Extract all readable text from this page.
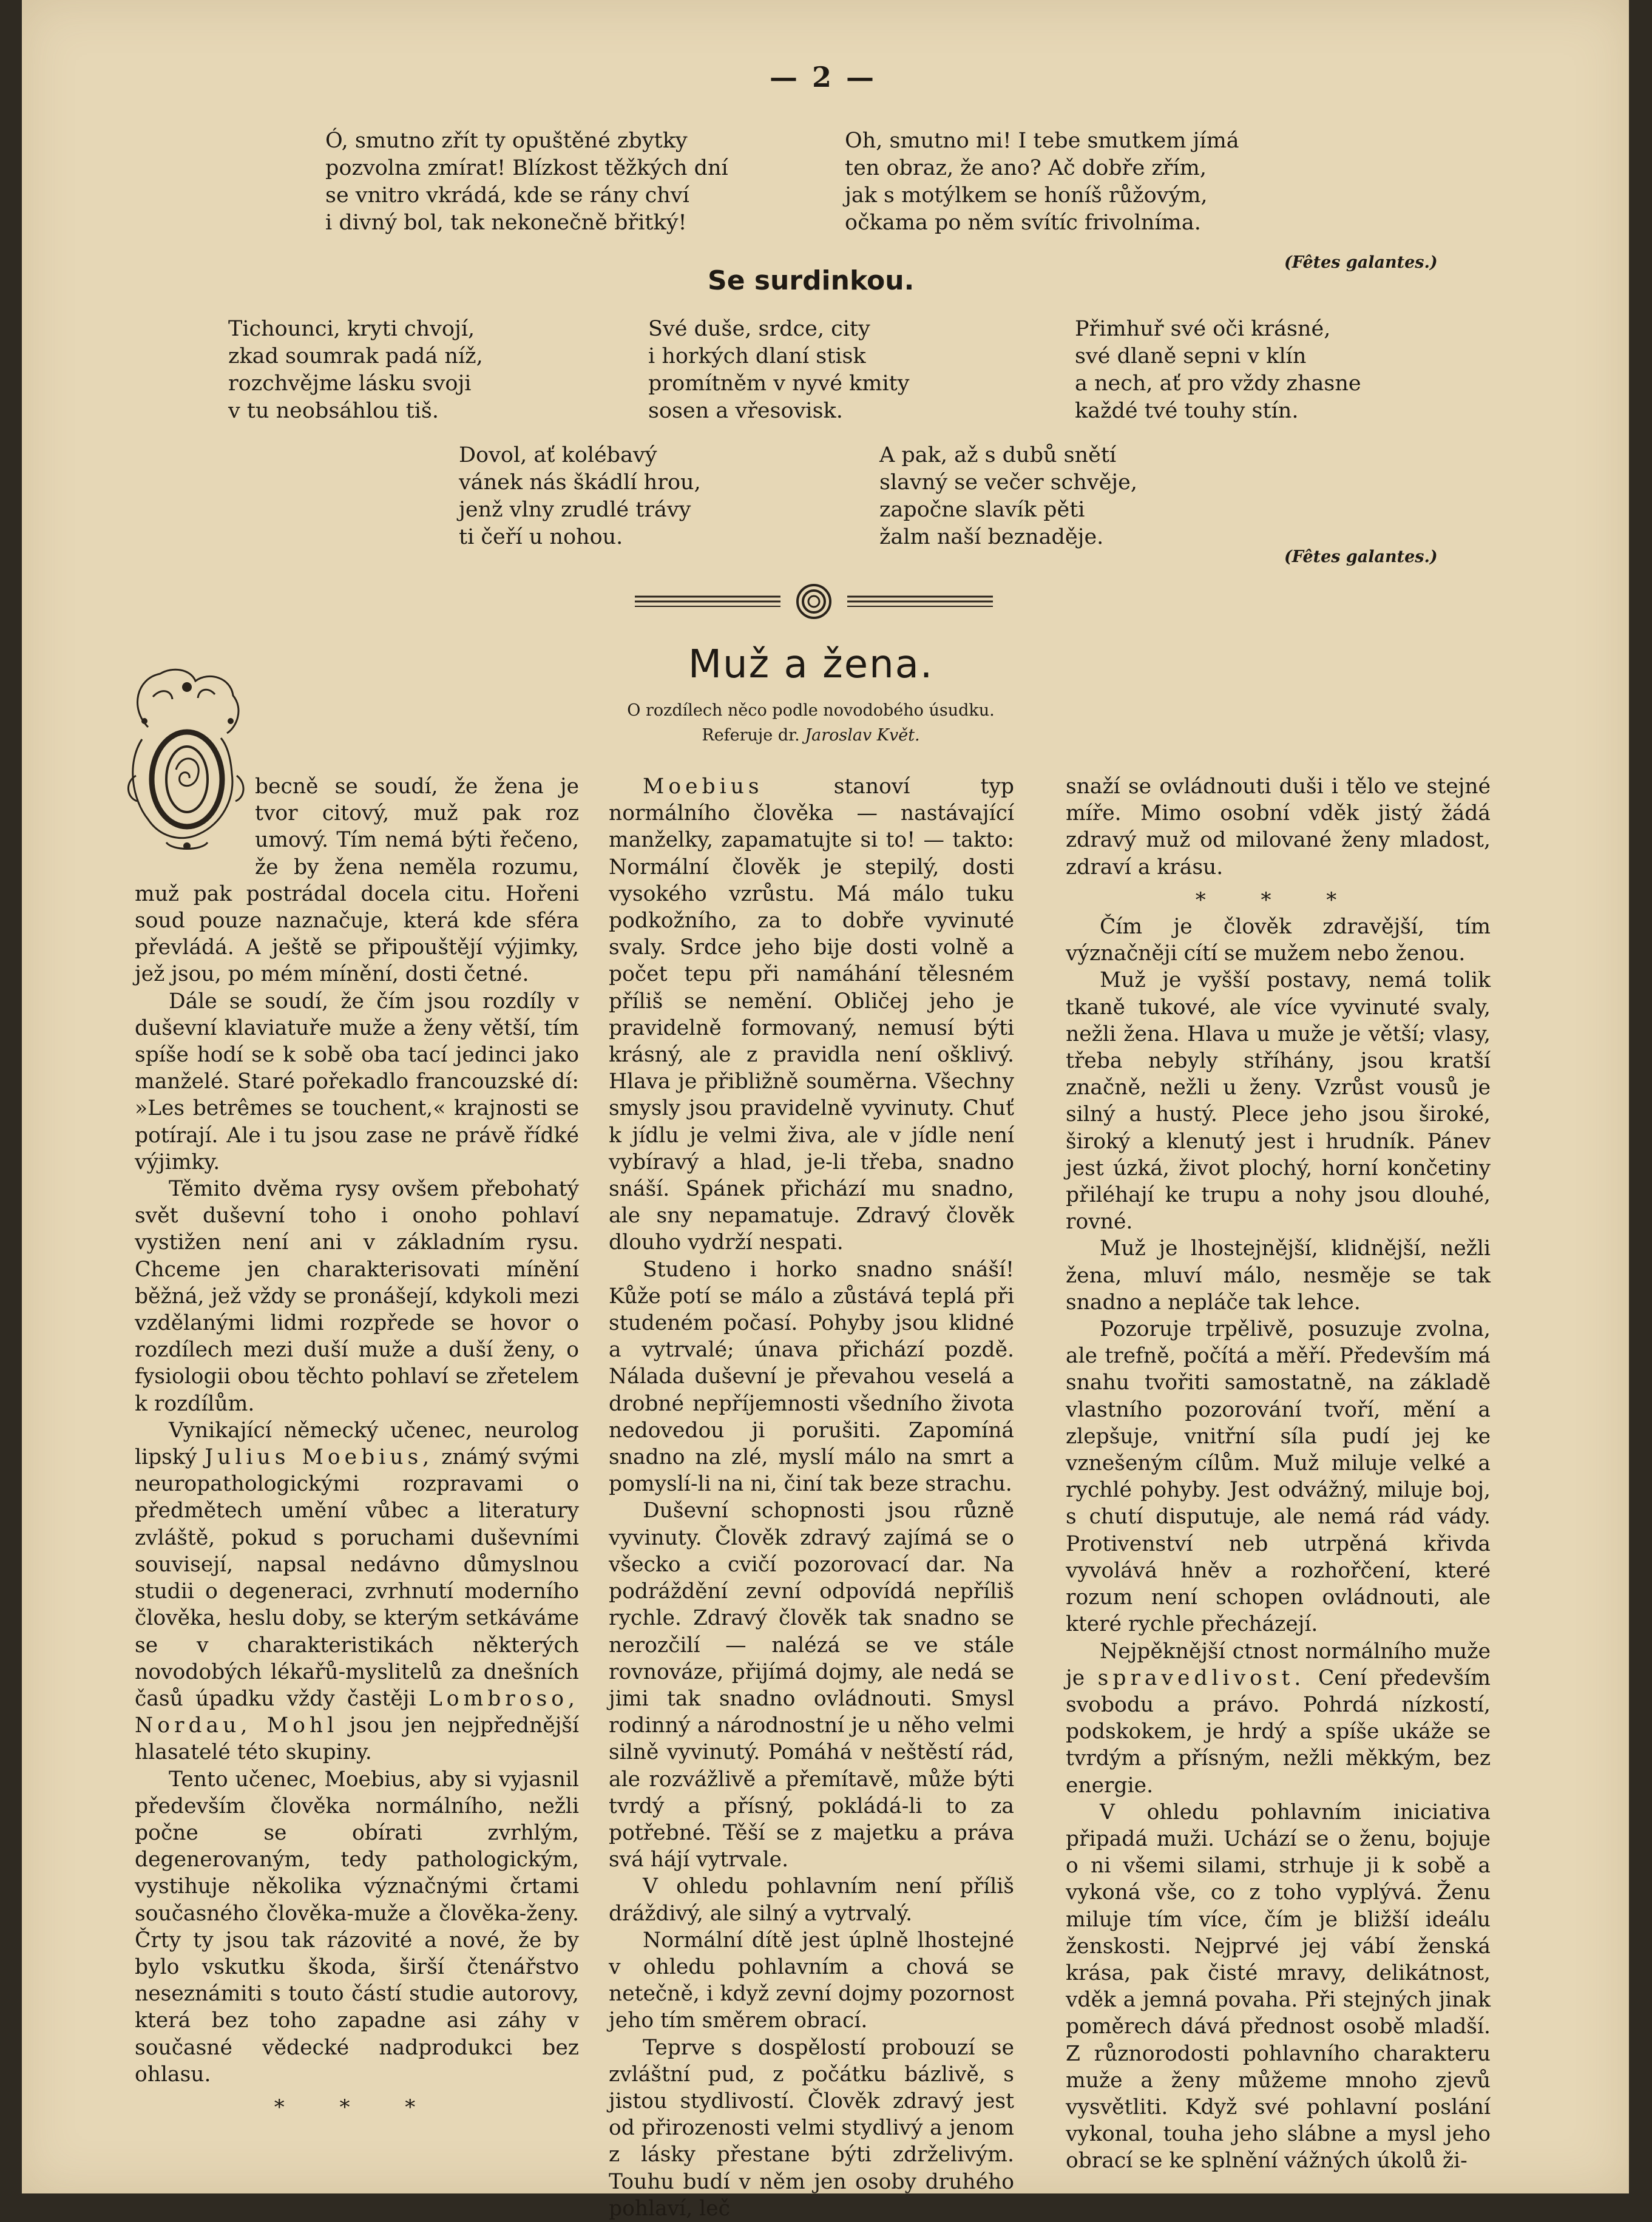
— 2 —
Ó, smutno zřít ty opuštěné zbytky
pozvolna zmírat! Blízkost těžkých dní
se vnitro vkrádá, kde se rány chví
i divný bol, tak nekonečně břitký!
Oh, smutno mi! I tebe smutkem jímá
ten obraz, že ano? Ač dobře zřím,
jak s motýlkem se honíš růžovým,
očkama po něm svítíc frivolníma.
(Fêtes galantes.)
Se surdinkou.
Tichounci, kryti chvojí,
zkad soumrak padá níž,
rozchvějme lásku svoji
v tu neobsáhlou tiš.
Své duše, srdce, city
i horkých dlaní stisk
promítněm v nyvé kmity
sosen a vřesovisk.
Přimhuř své oči krásné,
své dlaně sepni v klín
a nech, ať pro vždy zhasne
každé tvé touhy stín.
Dovol, ať kolébavý
vánek nás škádlí hrou,
jenž vlny zrudlé trávy
ti čeří u nohou.
A pak, až s dubů snětí
slavný se večer schvěje,
započne slavík pěti
žalm naší beznaděje.
(Fêtes galantes.)
Muž a žena.
O rozdílech něco podle novodobého úsudku.
Referuje dr. Jaroslav Květ.

becně se soudí, že žena je tvor citový, muž pak roz umový. Tím nemá býti řečeno, že by žena neměla rozumu, muž pak postrádal docela citu. Hořeni soud pouze naznačuje, která kde sféra převládá. A ještě se připouštějí výjimky, jež jsou, po mém mínění, dosti četné.

Dále se soudí, že čím jsou rozdíly v duševní klaviatuře muže a ženy větší, tím spíše hodí se k sobě oba tací jedinci jako manželé. Staré pořekadlo francouzské dí: »Les betrêmes se touchent,« krajnosti se potírají. Ale i tu jsou zase ne právě řídké výjimky.

Těmito dvěma rysy ovšem přebohatý svět duševní toho i onoho pohlaví vystižen není ani v základním rysu. Chceme jen charakterisovati mínění běžná, jež vždy se pronášejí, kdykoli mezi vzdělanými lidmi rozpřede se hovor o rozdílech mezi duší muže a duší ženy, o fysiologii obou těchto pohlaví se zřetelem k rozdílům.

Vynikající německý učenec, neurolog lipský Julius Moebius, známý svými neuropathologickými rozpravami o předmětech umění vůbec a literatury zvláště, pokud s poruchami duševními souvisejí, napsal nedávno důmyslnou studii o degeneraci, zvrhnutí moderního člověka, heslu doby, se kterým setkáváme se v charakteristikách některých novodobých lékařů-myslitelů za dnešních časů úpadku vždy častěji Lombroso, Nordau, Mohl jsou jen nejpřednější hlasatelé této skupiny.

Tento učenec, Moebius, aby si vyjasnil především člověka normálního, nežli počne se obírati zvrhlým, degenerovaným, tedy pathologickým, vystihuje několika význačnými črtami současného člověka-muže a člověka-ženy. Črty ty jsou tak rázovité a nové, že by bylo vskutku škoda, širší čtenářstvo neseznámiti s touto částí studie autorovy, která bez toho zapadne asi záhy v současné vědecké nadprodukci bez ohlasu.

* * *

Moebius	stanoví typ normálního člověka — nastávající manželky, zapamatujte si to! — takto: Normální člověk je stepilý, dosti vysokého vzrůstu. Má málo tuku podkožního, za to dobře vyvinuté svaly. Srdce jeho bije dosti volně a počet tepu při namáhání tělesném příliš se nemění. Obličej jeho je pravidelně formovaný, nemusí býti krásný, ale z pravidla není ošklivý. Hlava je přibližně souměrna. Všechny smysly jsou pravidelně vyvinuty. Chuť k jídlu je velmi živa, ale v jídle není vybíravý a hlad, je-li třeba, snadno snáší. Spánek přichází mu snadno, ale sny nepamatuje. Zdravý člověk dlouho vydrží nespati.

Studeno i horko snadno snáší! Kůže potí se málo a zůstává teplá při studeném počasí. Pohyby jsou klidné a vytrvalé; únava přichází pozdě. Nálada duševní je převahou veselá a drobné nepříjemnosti všedního života nedovedou ji porušiti. Zapomíná snadno na zlé, myslí málo na smrt a pomyslí-li na ni, činí tak beze strachu.

Duševní schopnosti jsou různě vyvinuty. Člověk zdravý zajímá se o všecko a cvičí pozorovací dar. Na podráždění zevní odpovídá nepříliš rychle. Zdravý člověk tak snadno se nerozčilí — nalézá se ve stále rovnováze, přijímá dojmy, ale nedá se jimi tak snadno ovládnouti. Smysl rodinný a národnostní je u něho velmi silně vyvinutý. Pomáhá v neštěstí rád, ale rozvážlivě a přemítavě, může býti tvrdý a přísný, pokládá-li to za potřebné. Těší se z majetku a práva svá hájí vytrvale.

V ohledu pohlavním není příliš dráždivý, ale silný a vytrvalý.

Normální dítě jest úplně lhostejné v ohledu pohlavním a chová se netečně, i když zevní dojmy pozornost jeho tím směrem obrací.

Teprve s dospělostí probouzí se zvláštní pud, z počátku bázlivě, s jistou stydlivostí. Člověk zdravý jest od přirozenosti velmi stydlivý a jenom z lásky přestane býti zdrželivým. Touhu budí v něm jen osoby druhého pohlaví, leč

snaží se ovládnouti duši i tělo ve stejné míře. Mimo osobní vděk jistý žádá zdravý muž od milované ženy mladost, zdraví a krásu.

* * *

Čím je člověk zdravější, tím význačněji cítí se mužem nebo ženou.

Muž je vyšší postavy, nemá tolik tkaně tukové, ale více vyvinuté svaly, nežli žena. Hlava u muže je větší; vlasy, třeba nebyly stříhány, jsou kratší značně, nežli u ženy. Vzrůst vousů je silný a hustý. Plece jeho jsou široké, široký a klenutý jest i hrudník. Pánev jest úzká, život plochý, horní končetiny přiléhají ke trupu a nohy jsou dlouhé, rovné.

Muž je lhostejnější, klidnější, nežli žena, mluví málo, nesměje se tak snadno a nepláče tak lehce.

Pozoruje trpělivě, posuzuje zvolna, ale trefně, počítá a měří. Především má snahu tvořiti samostatně, na základě vlastního pozorování tvoří, mění a zlepšuje, vnitřní síla pudí jej ke vznešeným cílům. Muž miluje velké a rychlé pohyby. Jest odvážný, miluje boj, s chutí disputuje, ale nemá rád vády. Protivenství neb utrpěná křivda vyvolává hněv a rozhořčení, které rozum není schopen ovládnouti, ale které rychle přecházejí.

Nejpěknější ctnost normálního muže je spravedlivost. Cení především svobodu a právo. Pohrdá nízkostí, podskokem, je hrdý a spíše ukáže se tvrdým a přísným, nežli měkkým, bez energie.

V ohledu pohlavním iniciativa připadá muži. Uchází se o ženu, bojuje o ni všemi silami, strhuje ji k sobě a vykoná vše, co z toho vyplývá. Ženu miluje tím více, čím je bližší ideálu ženskosti. Nejprvé jej vábí ženská krása, pak čisté mravy, delikátnost, vděk a jemná povaha. Při stejných jinak poměrech dává přednost osobě mladší. Z různorodosti pohlavního charakteru muže a ženy můžeme mnoho zjevů vysvětliti. Když své pohlavní poslání vykonal, touha jeho slábne a mysl jeho obrací se ke splnění vážných úkolů ži-
